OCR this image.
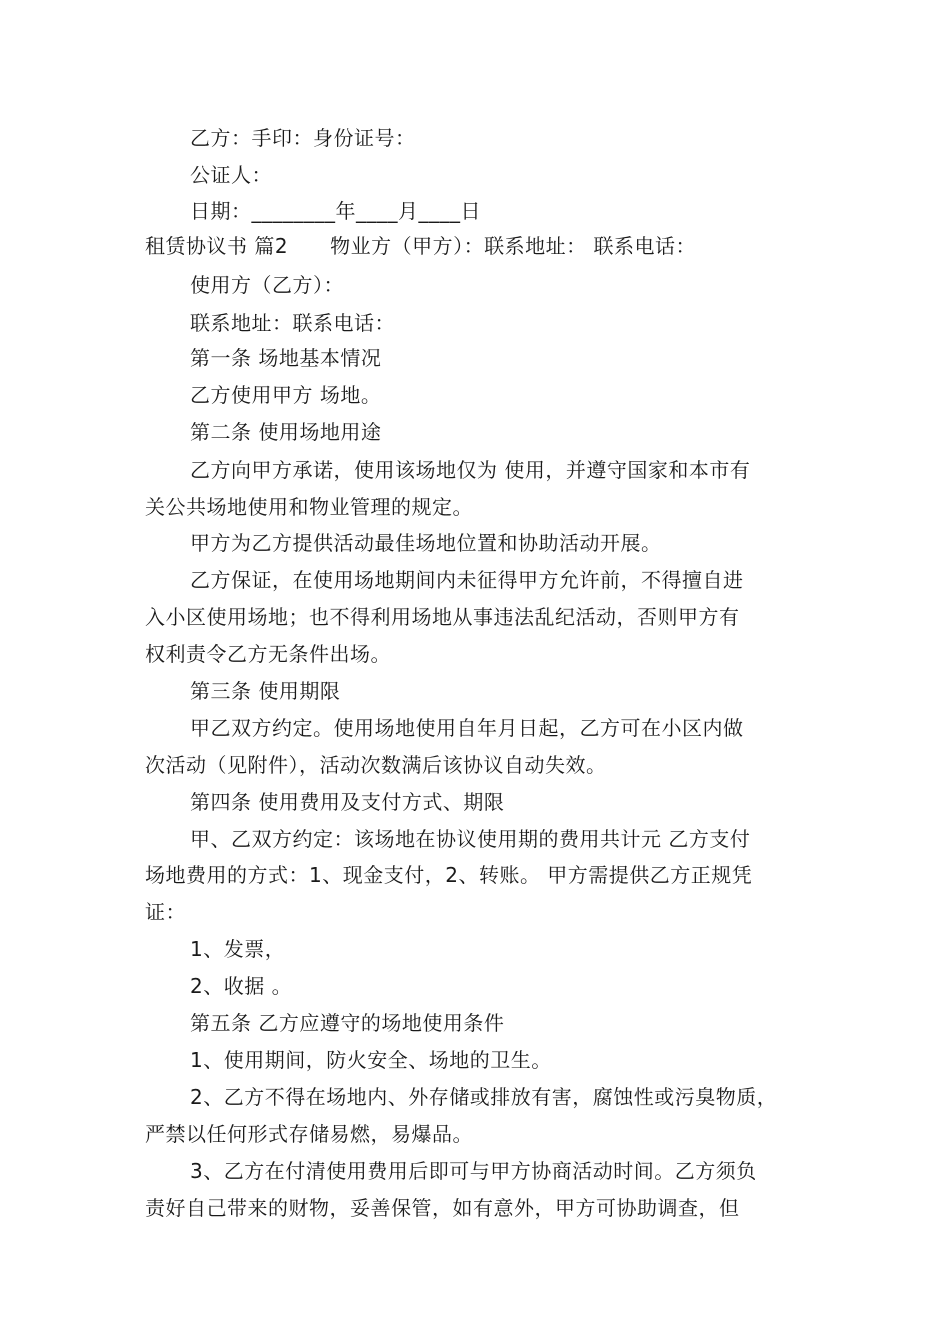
乙方：手印：身份证号：
公证人：
日期：________年____月____日
租赁协议书 篇2 物业方（甲方）：联系地址： 联系电话：
使用方（乙方）：
联系地址：联系电话：
第一条 场地基本情况
乙方使用甲方 场地。
第二条 使用场地用途
乙方向甲方承诺，使用该场地仅为 使用，并遵守国家和本市有
关公共场地使用和物业管理的规定。
甲方为乙方提供活动最佳场地位置和协助活动开展。
乙方保证，在使用场地期间内未征得甲方允许前，不得擅自进
入小区使用场地；也不得利用场地从事违法乱纪活动，否则甲方有
权利责令乙方无条件出场。
第三条 使用期限
甲乙双方约定。使用场地使用自年月日起，乙方可在小区内做
次活动（见附件），活动次数满后该协议自动失效。
第四条 使用费用及支付方式、期限
甲、乙双方约定：该场地在协议使用期的费用共计元 乙方支付
场地费用的方式：1、现金支付，2、转账。 甲方需提供乙方正规凭
证：
1、发票，
2、收据 。
第五条 乙方应遵守的场地使用条件
1、使用期间，防火安全、场地的卫生。
2、乙方不得在场地内、外存储或排放有害，腐蚀性或污臭物质，
严禁以任何形式存储易燃，易爆品。
3、乙方在付清使用费用后即可与甲方协商活动时间。乙方须负
责好自己带来的财物，妥善保管，如有意外，甲方可协助调查，但
